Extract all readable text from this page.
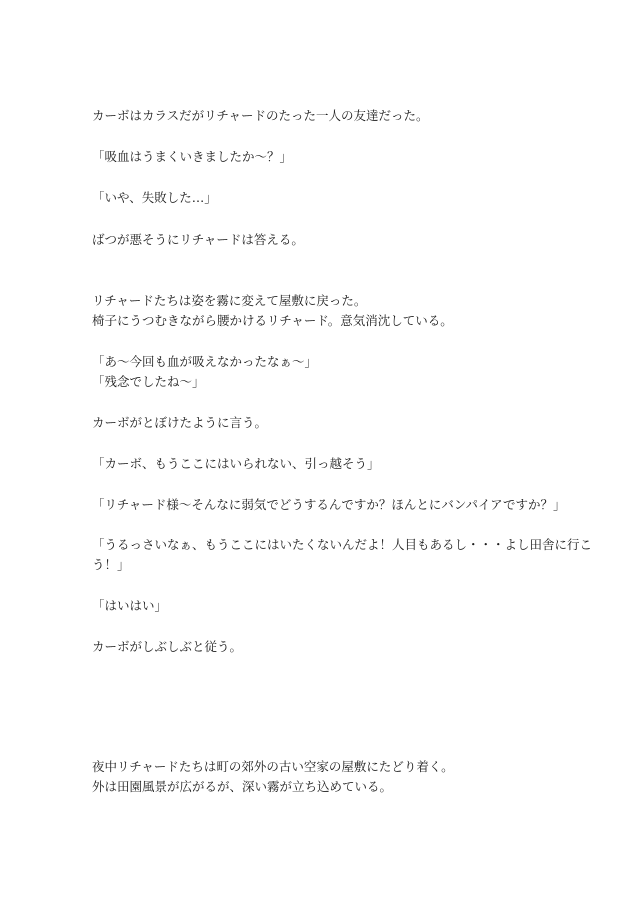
カーボはカラスだがリチャードのたった一人の友達だった。

「吸血はうまくいきましたか～？」

「いや、失敗した…」

ばつが悪そうにリチャードは答える。

リチャードたちは姿を霧に変えて屋敷に戻った。

椅子にうつむきながら腰かけるリチャード。意気消沈している。

「あ～今回も血が吸えなかったなぁ～」

「残念でしたね～」

カーボがとぼけたように言う。

「カーボ、もうここにはいられない、引っ越そう」

「リチャード様～そんなに弱気でどうするんですか？ほんとにバンパイアですか？」

「うるっさいなぁ、もうここにはいたくないんだよ！人目もあるし・・・よし田舎に行こ

う！」

「はいはい」

カーボがしぶしぶと従う。

夜中リチャードたちは町の郊外の古い空家の屋敷にたどり着く。

外は田園風景が広がるが、深い霧が立ち込めている。
